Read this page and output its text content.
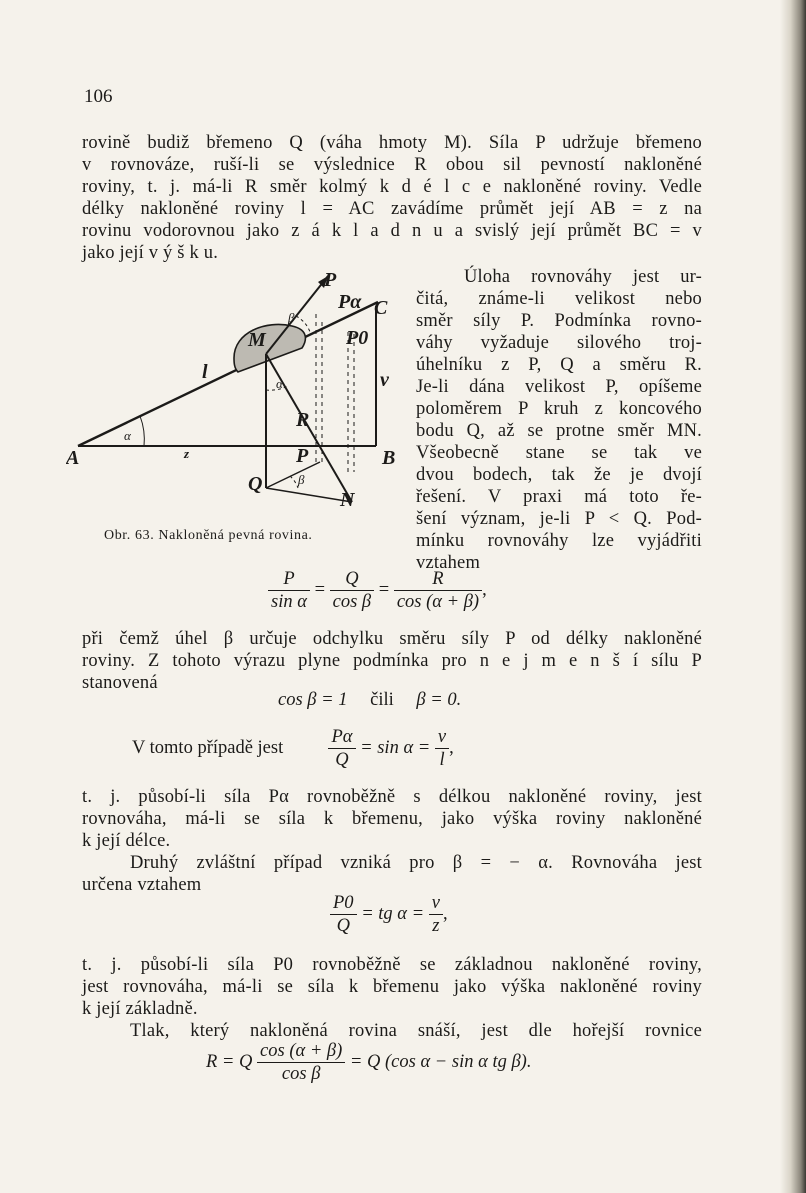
106
rovině budiž břemeno Q (váha hmoty M). Síla P udržuje břemeno
v rovnováze, ruší-li se výslednice R obou sil pevností nakloněné
roviny, t. j. má-li R směr kolmý k d é l c e nakloněné roviny. Vedle
délky nakloněné roviny l = AC zavádíme průmět její AB = z na
rovinu vodorovnou jako z á k l a d n u a svislý její průmět BC = v
jako její v ý š k u.
A	B
C
M
P
Pα
P0
P
Q
R
N
l
z
v
α
α
β
β
Obr. 63. Nakloněná pevná rovina.
Úloha rovnováhy jest ur-
čitá, známe-li velikost nebo
směr síly P. Podmínka rovno-
váhy vyžaduje silového troj-
úhelníku z P, Q a směru R.
Je-li dána velikost P, opíšeme
poloměrem P kruh z koncového
bodu Q, až se protne směr MN.
Všeobecně stane se tak ve
dvou bodech, tak že je dvojí
řešení. V praxi má toto ře-
šení význam, je-li P < Q. Pod-
mínku rovnováhy lze vyjádřiti
vztahem
$\frac{P}{\text{sin α}} = \frac{Q}{\text{cos β}} = \frac{R}{\cos (\alpha + \beta)}$ ,
při čemž úhel β určuje odchylku směru síly P od délky nakloněné
roviny. Z tohoto výrazu plyne podmínka pro n e j m e n š í sílu P
stanovená
cos β = 1 čili β = 0.
V tomto případě jest $\frac{P\alpha}{Q} = \sin \alpha = \frac{v}{l}$ ,
t. j. působí-li síla Pα rovnoběžně s délkou nakloněné roviny, jest
rovnováha, má-li se síla k břemenu, jako výška roviny nakloněné
k její délce.
Druhý zvláštní případ vzniká pro β = − α. Rovnováha jest
určena vztahem
$\frac{P0}{Q}$ = tg $\alpha = \frac{v}{z}$ ,
t. j. působí-li síla P0 rovnoběžně se základnou nakloněné roviny,
jest rovnováha, má-li se síla k břemenu jako výška nakloněné roviny
k její základně.
Tlak, který nakloněná rovina snáší, jest dle hořejší rovnice
R = Q $\frac{\cos (\alpha + \beta)}{\text{cos β}} = Q$ (cos α − sin α tg β).
